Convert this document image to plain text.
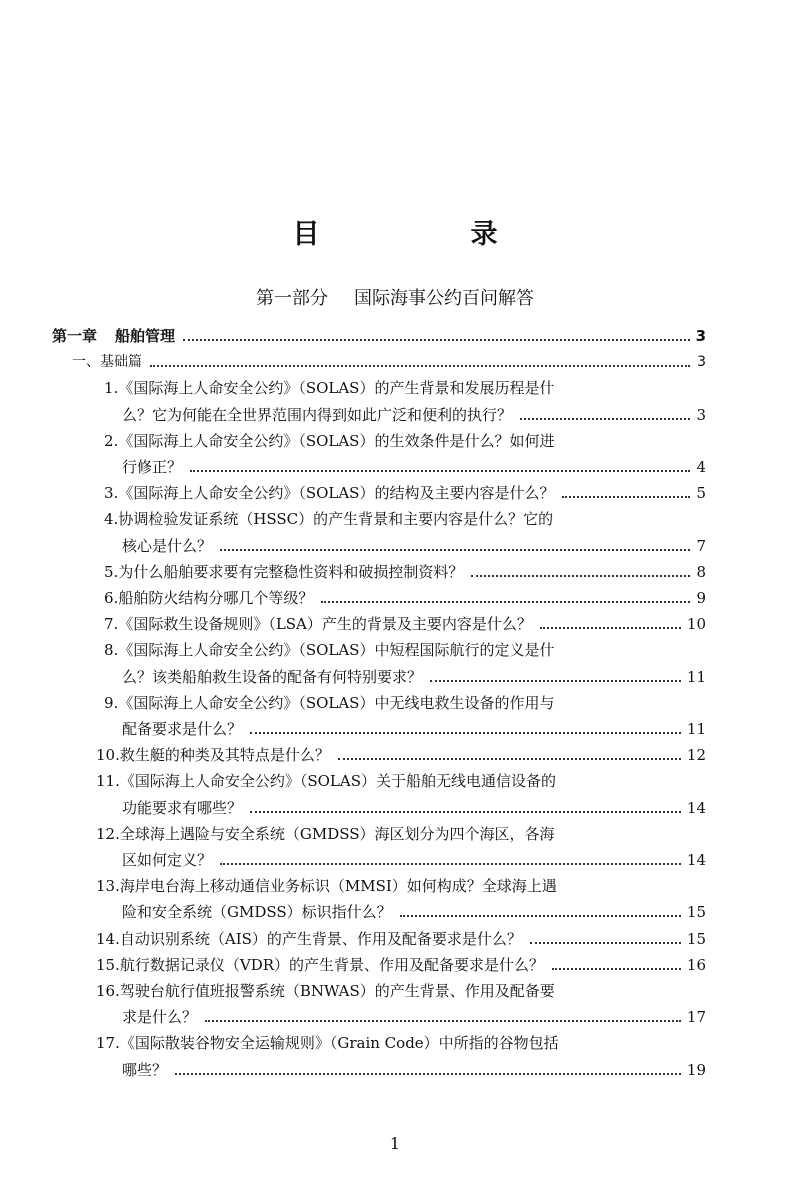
目　录
第一部分 国际海事公约百问解答
第一章 船舶管理	3
一、基础篇	3
1. 《国际海上人命安全公约》（SOLAS）的产生背景和发展历程是什
么？它为何能在全世界范围内得到如此广泛和便利的执行？	3
2. 《国际海上人命安全公约》（SOLAS）的生效条件是什么？如何进
行修正？	4
3. 《国际海上人命安全公约》（SOLAS）的结构及主要内容是什么？	5
4. 协调检验发证系统（HSSC）的产生背景和主要内容是什么？它的
核心是什么？	7
5. 为什么船舶要求要有完整稳性资料和破损控制资料？	8
6. 船舶防火结构分哪几个等级？	9
7. 《国际救生设备规则》（LSA）产生的背景及主要内容是什么？	10
8. 《国际海上人命安全公约》（SOLAS）中短程国际航行的定义是什
么？该类船舶救生设备的配备有何特别要求？	11
9. 《国际海上人命安全公约》（SOLAS）中无线电救生设备的作用与
配备要求是什么？	11
10. 救生艇的种类及其特点是什么？	12
11. 《国际海上人命安全公约》（SOLAS）关于船舶无线电通信设备的
功能要求有哪些？	14
12. 全球海上遇险与安全系统（GMDSS）海区划分为四个海区，各海
区如何定义？	14
13. 海岸电台海上移动通信业务标识（MMSI）如何构成？全球海上遇
险和安全系统（GMDSS）标识指什么？	15
14. 自动识别系统（AIS）的产生背景、作用及配备要求是什么？	15
15. 航行数据记录仪（VDR）的产生背景、作用及配备要求是什么？	16
16. 驾驶台航行值班报警系统（BNWAS）的产生背景、作用及配备要
求是什么？	17
17. 《国际散装谷物安全运输规则》（Grain Code）中所指的谷物包括
哪些？	19
1
